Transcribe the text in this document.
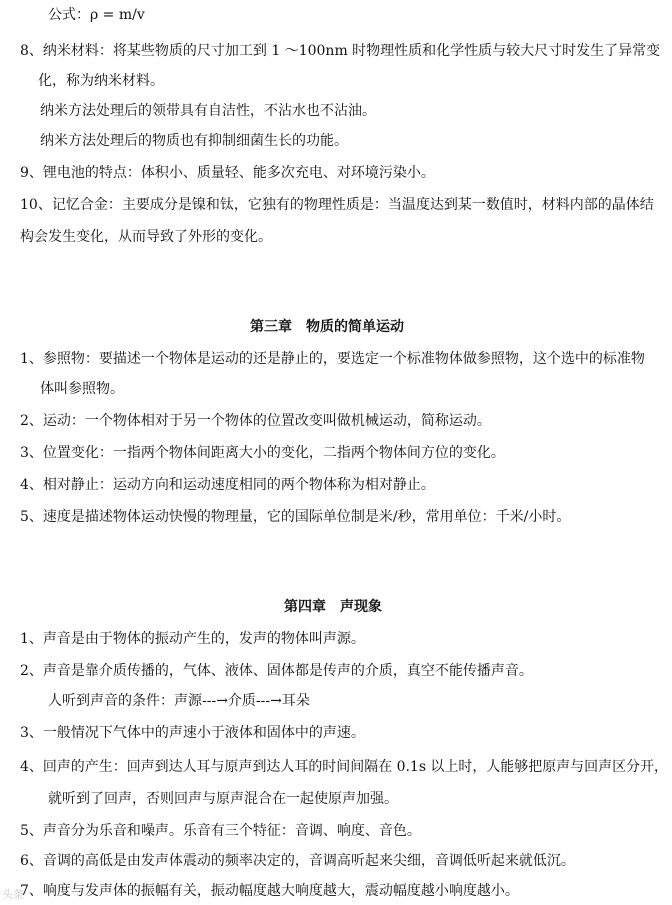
公式：ρ = m/v
8、纳米材料：将某些物质的尺寸加工到 1 ～100nm 时物理性质和化学性质与较大尺寸时发生了异常变
化，称为纳米材料。
纳米方法处理后的领带具有自洁性，不沾水也不沾油。
纳米方法处理后的物质也有抑制细菌生长的功能。
9、锂电池的特点：体积小、质量轻、能多次充电、对环境污染小。
10、记忆合金：主要成分是镍和钛，它独有的物理性质是：当温度达到某一数值时，材料内部的晶体结
构会发生变化，从而导致了外形的变化。
第三章　物质的简单运动
1、参照物：要描述一个物体是运动的还是静止的，要选定一个标准物体做参照物，这个选中的标准物
体叫参照物。
2、运动：一个物体相对于另一个物体的位置改变叫做机械运动，简称运动。
3、位置变化：一指两个物体间距离大小的变化，二指两个物体间方位的变化。
4、相对静止：运动方向和运动速度相同的两个物体称为相对静止。
5、速度是描述物体运动快慢的物理量，它的国际单位制是米/秒，常用单位：千米/小时。
第四章　声现象
1、声音是由于物体的振动产生的，发声的物体叫声源。
2、声音是靠介质传播的，气体、液体、固体都是传声的介质，真空不能传播声音。
人听到声音的条件：声源---→介质---→耳朵
3、一般情况下气体中的声速小于液体和固体中的声速。
4、回声的产生：回声到达人耳与原声到达人耳的时间间隔在 0.1s 以上时，人能够把原声与回声区分开，
就听到了回声，否则回声与原声混合在一起使原声加强。
5、声音分为乐音和噪声。乐音有三个特征：音调、响度、音色。
6、音调的高低是由发声体震动的频率决定的，音调高听起来尖细，音调低听起来就低沉。
7、响度与发声体的振幅有关，振动幅度越大响度越大，震动幅度越小响度越小。
头条
